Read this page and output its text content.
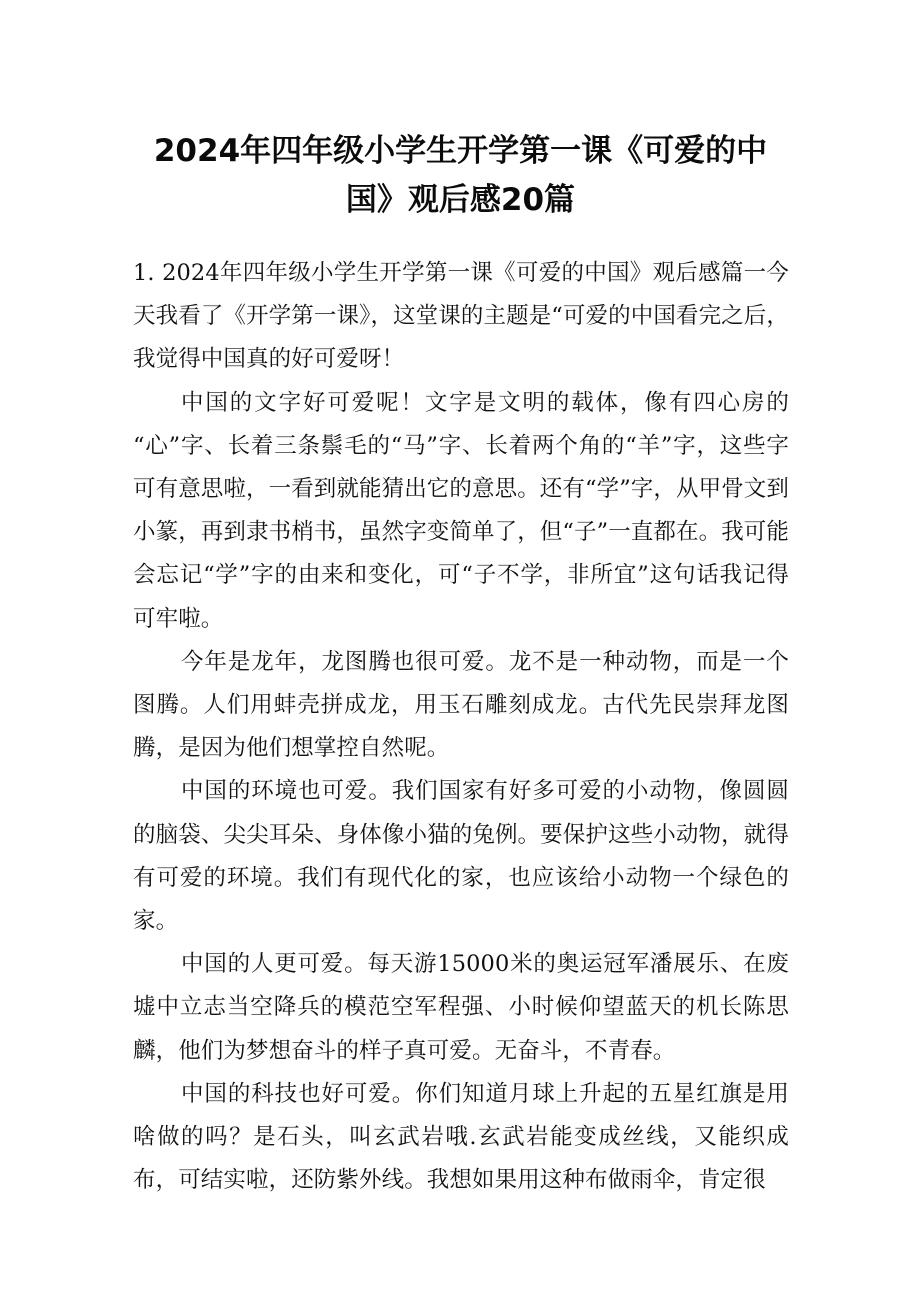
2024年四年级小学生开学第一课《可爱的中
国》观后感20篇

1. 2024年四年级小学生开学第一课《可爱的中国》观后感篇一今天我看了《开学第一课》，这堂课的主题是“可爱的中国看完之后，我觉得中国真的好可爱呀！

中国的文字好可爱呢！文字是文明的载体，像有四心房的“心”字、长着三条鬃毛的“马”字、长着两个角的“羊”字，这些字可有意思啦，一看到就能猜出它的意思。还有“学”字，从甲骨文到小篆，再到隶书梢书，虽然字变简单了，但“子”一直都在。我可能会忘记“学”字的由来和变化，可“子不学，非所宜”这句话我记得可牢啦。

今年是龙年，龙图腾也很可爱。龙不是一种动物，而是一个图腾。人们用蚌壳拼成龙，用玉石雕刻成龙。古代先民崇拜龙图腾，是因为他们想掌控自然呢。

中国的环境也可爱。我们国家有好多可爱的小动物，像圆圆的脑袋、尖尖耳朵、身体像小猫的兔例。要保护这些小动物，就得有可爱的环境。我们有现代化的家，也应该给小动物一个绿色的家。

中国的人更可爱。每天游15000米的奥运冠军潘展乐、在废墟中立志当空降兵的模范空军程强、小时候仰望蓝天的机长陈思麟，他们为梦想奋斗的样子真可爱。无奋斗，不青春。

中国的科技也好可爱。你们知道月球上升起的五星红旗是用啥做的吗？是石头，叫玄武岩哦.玄武岩能变成丝线，又能织成布，可结实啦，还防紫外线。我想如果用这种布做雨伞，肯定很
